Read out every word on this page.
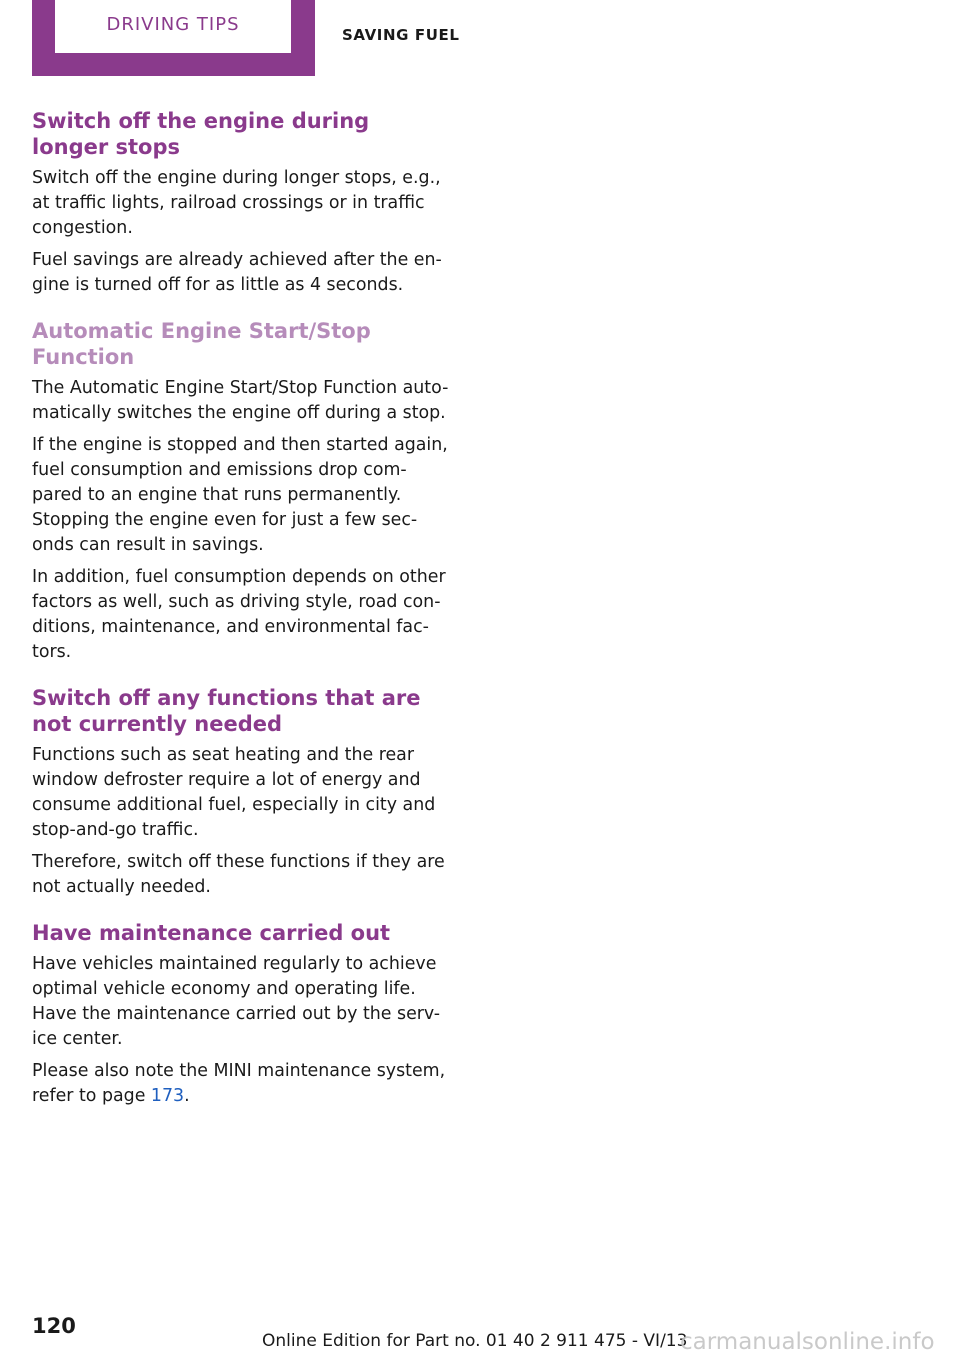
DRIVING TIPS	SAVING FUEL
Switch off the engine during longer stops

Switch off the engine during longer stops, e.g.,
at traffic lights, railroad crossings or in traffic
congestion.

Fuel savings are already achieved after the en-
gine is turned off for as little as 4 seconds.

Automatic Engine Start/Stop Function

The Automatic Engine Start/Stop Function auto-
matically switches the engine off during a stop.

If the engine is stopped and then started again,
fuel consumption and emissions drop com-
pared to an engine that runs permanently.
Stopping the engine even for just a few sec-
onds can result in savings.

In addition, fuel consumption depends on other
factors as well, such as driving style, road con-
ditions, maintenance, and environmental fac-
tors.

Switch off any functions that are not currently needed

Functions such as seat heating and the rear
window defroster require a lot of energy and
consume additional fuel, especially in city and
stop-and-go traffic.

Therefore, switch off these functions if they are
not actually needed.

Have maintenance carried out

Have vehicles maintained regularly to achieve
optimal vehicle economy and operating life.
Have the maintenance carried out by the serv-
ice center.

Please also note the MINI maintenance system,
refer to page 173.

120
Online Edition for Part no. 01 40 2 911 475 - VI/13
carmanualsonline.info
